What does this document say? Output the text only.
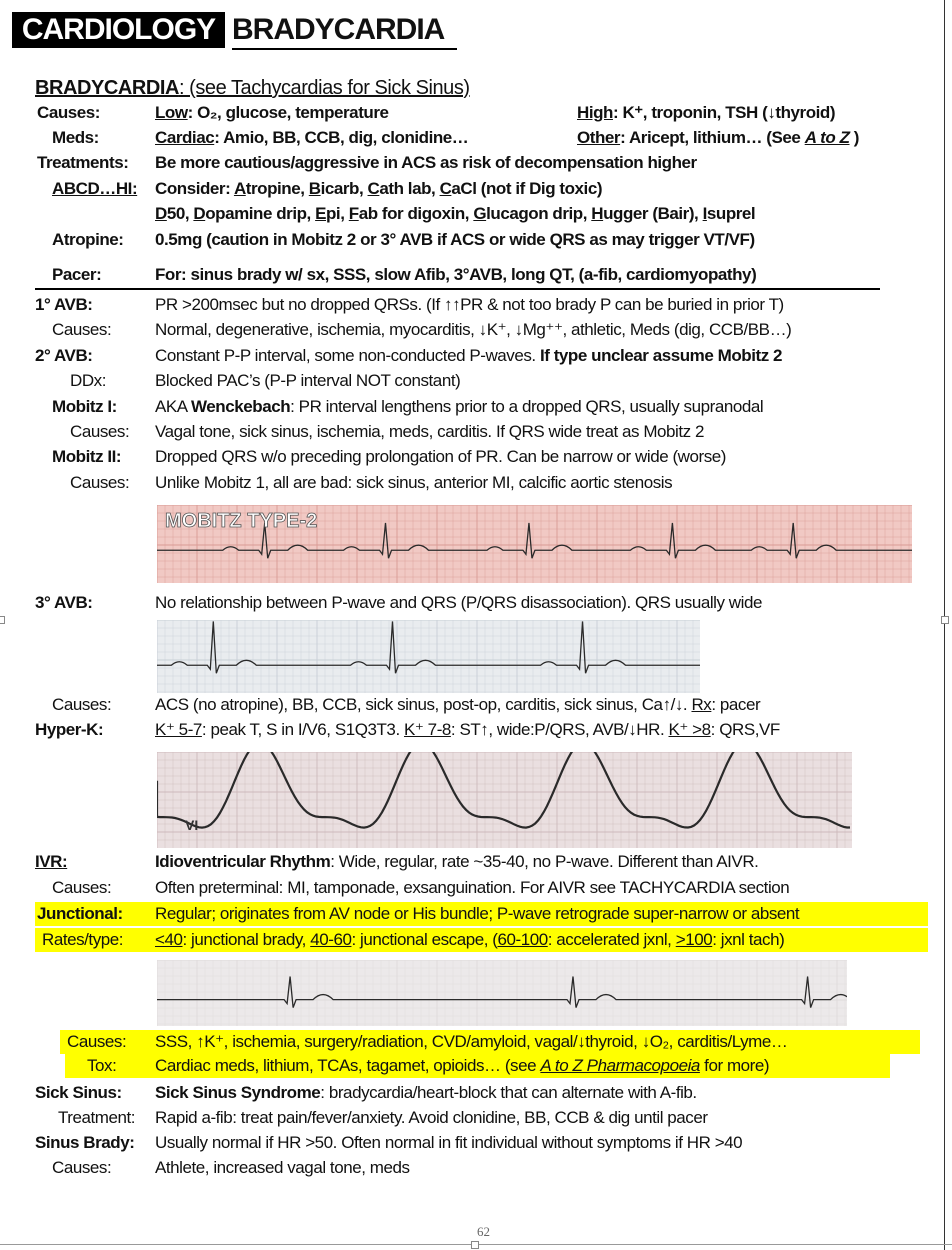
CARDIOLOGY BRADYCARDIA
BRADYCARDIA: (see Tachycardias for Sick Sinus)
Causes:	Low: O₂, glucose, temperature	High: K⁺, troponin, TSH (↓thyroid)
Meds:	Cardiac: Amio, BB, CCB, dig, clonidine…	Other: Aricept, lithium… (See A to Z )
Treatments: Be more cautious/aggressive in ACS as risk of decompensation higher
ABCD…HI: Consider: Atropine, Bicarb, Cath lab, CaCl (not if Dig toxic)
D50, Dopamine drip, Epi, Fab for digoxin, Glucagon drip, Hugger (Bair), Isuprel
Atropine: 0.5mg (caution in Mobitz 2 or 3° AVB if ACS or wide QRS as may trigger VT/VF)
Pacer:	For: sinus brady w/ sx, SSS, slow Afib, 3°AVB, long QT, (a-fib, cardiomyopathy)
1° AVB:	PR >200msec but no dropped QRSs. (If ↑↑PR & not too brady P can be buried in prior T)
Causes:	Normal, degenerative, ischemia, myocarditis, ↓K⁺, ↓Mg⁺⁺, athletic, Meds (dig, CCB/BB…)
2° AVB:	Constant P-P interval, some non-conducted P-waves. If type unclear assume Mobitz 2
DDx:	Blocked PAC’s (P-P interval NOT constant)
Mobitz I: AKA Wenckebach: PR interval lengthens prior to a dropped QRS, usually supranodal
Causes: Vagal tone, sick sinus, ischemia, meds, carditis. If QRS wide treat as Mobitz 2
Mobitz II: Dropped QRS w/o preceding prolongation of PR. Can be narrow or wide (worse)
Causes: Unlike Mobitz 1, all are bad: sick sinus, anterior MI, calcific aortic stenosis
3° AVB:	No relationship between P-wave and QRS (P/QRS disassociation). QRS usually wide
Causes:	ACS (no atropine), BB, CCB, sick sinus, post-op, carditis, sick sinus, Ca↑/↓. Rx: pacer
Hyper-K:	K⁺ 5-7: peak T, S in I/V6, S1Q3T3. K⁺ 7-8: ST↑, wide:P/QRS, AVB/↓HR. K⁺ >8: QRS,VF
IVR:	Idioventricular Rhythm: Wide, regular, rate ~35-40, no P-wave. Different than AIVR.
Causes:	Often preterminal: MI, tamponade, exsanguination. For AIVR see TACHYCARDIA section
Junctional: Regular; originates from AV node or His bundle; P-wave retrograde super-narrow or absent
Rates/type: <40: junctional brady, 40-60: junctional escape, (60-100: accelerated jxnl, >100: jxnl tach)
Causes: SSS, ↑K⁺, ischemia, surgery/radiation, CVD/amyloid, vagal/↓thyroid, ↓O₂, carditis/Lyme…
Tox: Cardiac meds, lithium, TCAs, tagamet, opioids… (see A to Z Pharmacopoeia for more)
Sick Sinus: Sick Sinus Syndrome: bradycardia/heart-block that can alternate with A-fib.
Treatment: Rapid a-fib: treat pain/fever/anxiety. Avoid clonidine, BB, CCB & dig until pacer
Sinus Brady: Usually normal if HR >50. Often normal in fit individual without symptoms if HR >40
Causes:	Athlete, increased vagal tone, meds
MOBITZ TYPE-2
VI
62
